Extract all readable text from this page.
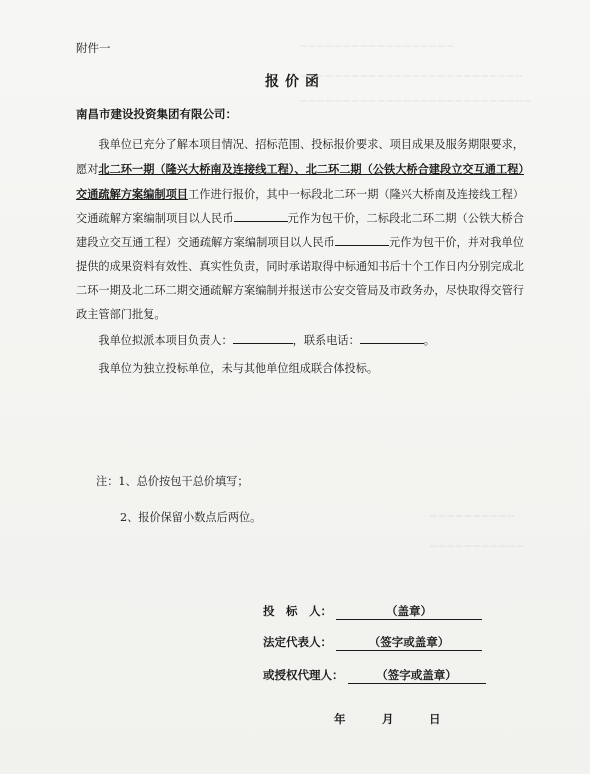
━━━━━━━━━━━━━━━━━━
━━━━━━━━━━━━━━━━━━━━━━━━━━
━━━━━━━━━━━━━━━━━━━━━━━━━━━
━━━━━━━━━━
━━━━━━━━━━━
附件一
报价函
南昌市建设投资集团有限公司：

我单位已充分了解本项目情况、招标范围、投标报价要求、项目成果及服务期限要求，愿对北二环一期（隆兴大桥南及连接线工程）、北二环二期（公铁大桥合建段立交互通工程）交通疏解方案编制项目工作进行报价，其中一标段北二环一期（隆兴大桥南及连接线工程）交通疏解方案编制项目以人民币	元作为包干价，二标段北二环二期（公铁大桥合建段立交互通工程）交通疏解方案编制项目以人民币	元作为包干价，并对我单位提供的成果资料有效性、真实性负责，同时承诺取得中标通知书后十个工作日内分别完成北二环一期及北二环二期交通疏解方案编制并报送市公安交管局及市政务办，尽快取得交管行政主管部门批复。

我单位拟派本项目负责人：	，联系电话：	。

我单位为独立投标单位，未与其他单位组成联合体投标。

注：1、总价按包干总价填写；
2、报价保留小数点后两位。
投　标　人：	（盖章）
法定代表人：	（签字或盖章）
或授权代理人：	（签字或盖章）
年	月	日
